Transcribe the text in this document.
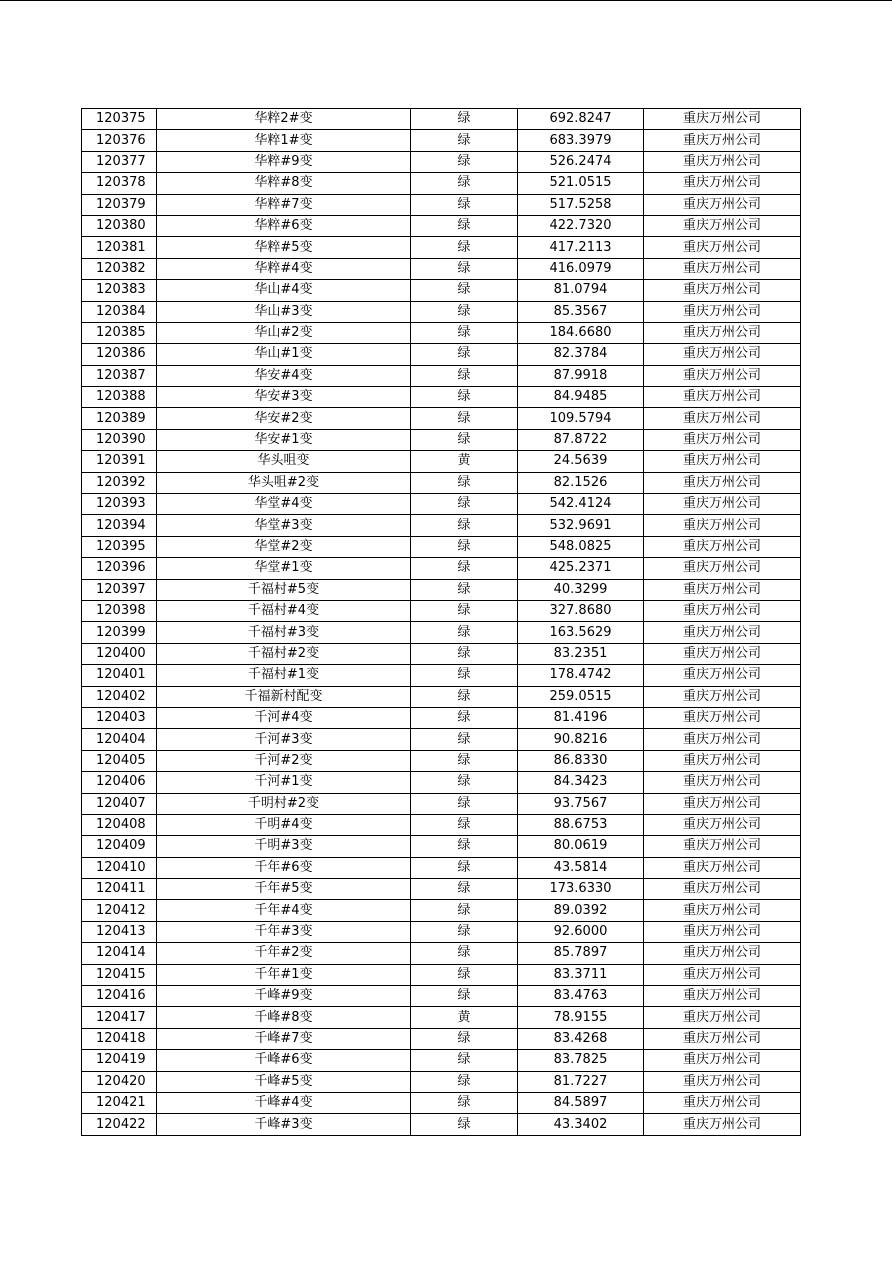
120375	华粹2#变	绿	692.8247	重庆万州公司
120376	华粹1#变	绿	683.3979	重庆万州公司
120377	华粹#9变	绿	526.2474	重庆万州公司
120378	华粹#8变	绿	521.0515	重庆万州公司
120379	华粹#7变	绿	517.5258	重庆万州公司
120380	华粹#6变	绿	422.7320	重庆万州公司
120381	华粹#5变	绿	417.2113	重庆万州公司
120382	华粹#4变	绿	416.0979	重庆万州公司
120383	华山#4变	绿	81.0794	重庆万州公司
120384	华山#3变	绿	85.3567	重庆万州公司
120385	华山#2变	绿	184.6680	重庆万州公司
120386	华山#1变	绿	82.3784	重庆万州公司
120387	华安#4变	绿	87.9918	重庆万州公司
120388	华安#3变	绿	84.9485	重庆万州公司
120389	华安#2变	绿	109.5794	重庆万州公司
120390	华安#1变	绿	87.8722	重庆万州公司
120391	华头咀变	黄	24.5639	重庆万州公司
120392	华头咀#2变	绿	82.1526	重庆万州公司
120393	华堂#4变	绿	542.4124	重庆万州公司
120394	华堂#3变	绿	532.9691	重庆万州公司
120395	华堂#2变	绿	548.0825	重庆万州公司
120396	华堂#1变	绿	425.2371	重庆万州公司
120397	千福村#5变	绿	40.3299	重庆万州公司
120398	千福村#4变	绿	327.8680	重庆万州公司
120399	千福村#3变	绿	163.5629	重庆万州公司
120400	千福村#2变	绿	83.2351	重庆万州公司
120401	千福村#1变	绿	178.4742	重庆万州公司
120402	千福新村配变	绿	259.0515	重庆万州公司
120403	千河#4变	绿	81.4196	重庆万州公司
120404	千河#3变	绿	90.8216	重庆万州公司
120405	千河#2变	绿	86.8330	重庆万州公司
120406	千河#1变	绿	84.3423	重庆万州公司
120407	千明村#2变	绿	93.7567	重庆万州公司
120408	千明#4变	绿	88.6753	重庆万州公司
120409	千明#3变	绿	80.0619	重庆万州公司
120410	千年#6变	绿	43.5814	重庆万州公司
120411	千年#5变	绿	173.6330	重庆万州公司
120412	千年#4变	绿	89.0392	重庆万州公司
120413	千年#3变	绿	92.6000	重庆万州公司
120414	千年#2变	绿	85.7897	重庆万州公司
120415	千年#1变	绿	83.3711	重庆万州公司
120416	千峰#9变	绿	83.4763	重庆万州公司
120417	千峰#8变	黄	78.9155	重庆万州公司
120418	千峰#7变	绿	83.4268	重庆万州公司
120419	千峰#6变	绿	83.7825	重庆万州公司
120420	千峰#5变	绿	81.7227	重庆万州公司
120421	千峰#4变	绿	84.5897	重庆万州公司
120422	千峰#3变	绿	43.3402	重庆万州公司
